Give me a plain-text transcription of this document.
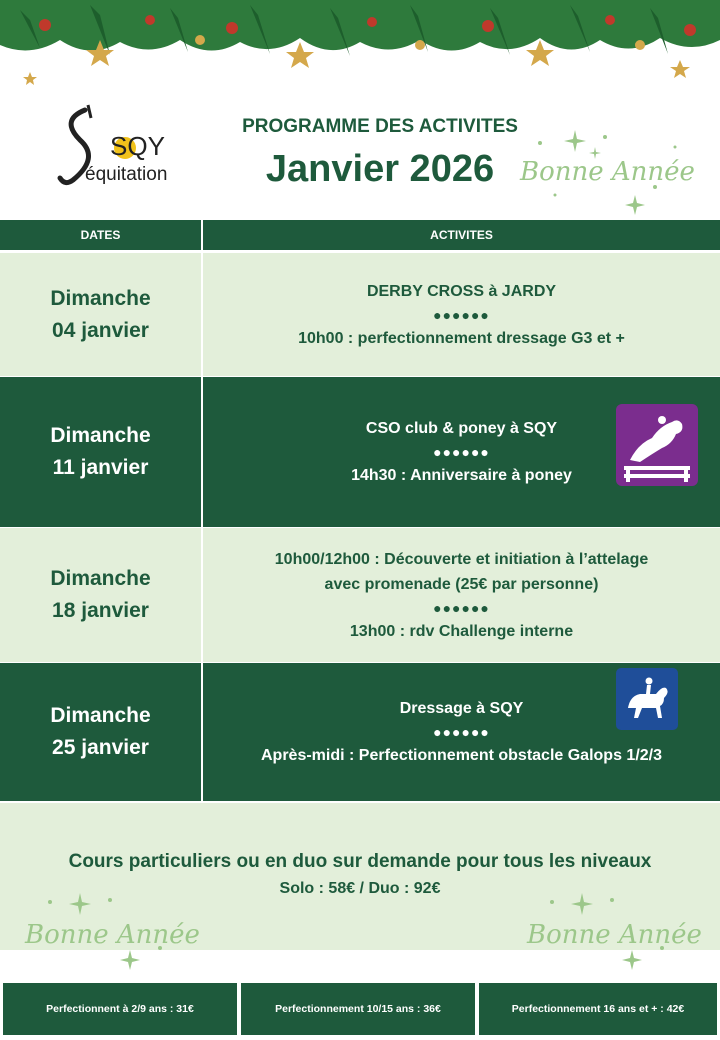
SQY
équitation
PROGRAMME DES ACTIVITES
Janvier 2026 Bonne Année
DATES	ACTIVITES
Dimanche
04 janvier
DERBY CROSS à JARDY
●●●●●●
10h00 : perfectionnement dressage G3 et +
Dimanche
11 janvier
CSO club & poney à SQY
●●●●●●
14h30 : Anniversaire à poney
Dimanche
18 janvier
10h00/12h00 : Découverte et initiation à l’attelage
avec promenade (25€ par personne)
●●●●●●
13h00 : rdv Challenge interne
Dimanche
25 janvier
Dressage à SQY
●●●●●●
Après-midi : Perfectionnement obstacle Galops 1/2/3
Cours particuliers ou en duo sur demande pour tous les niveaux
Solo : 58€ / Duo : 92€
Bonne Année	Bonne Année
Perfectionnent à 2/9 ans : 31€	Perfectionnement 10/15 ans : 36€	Perfectionnement 16 ans et + : 42€
